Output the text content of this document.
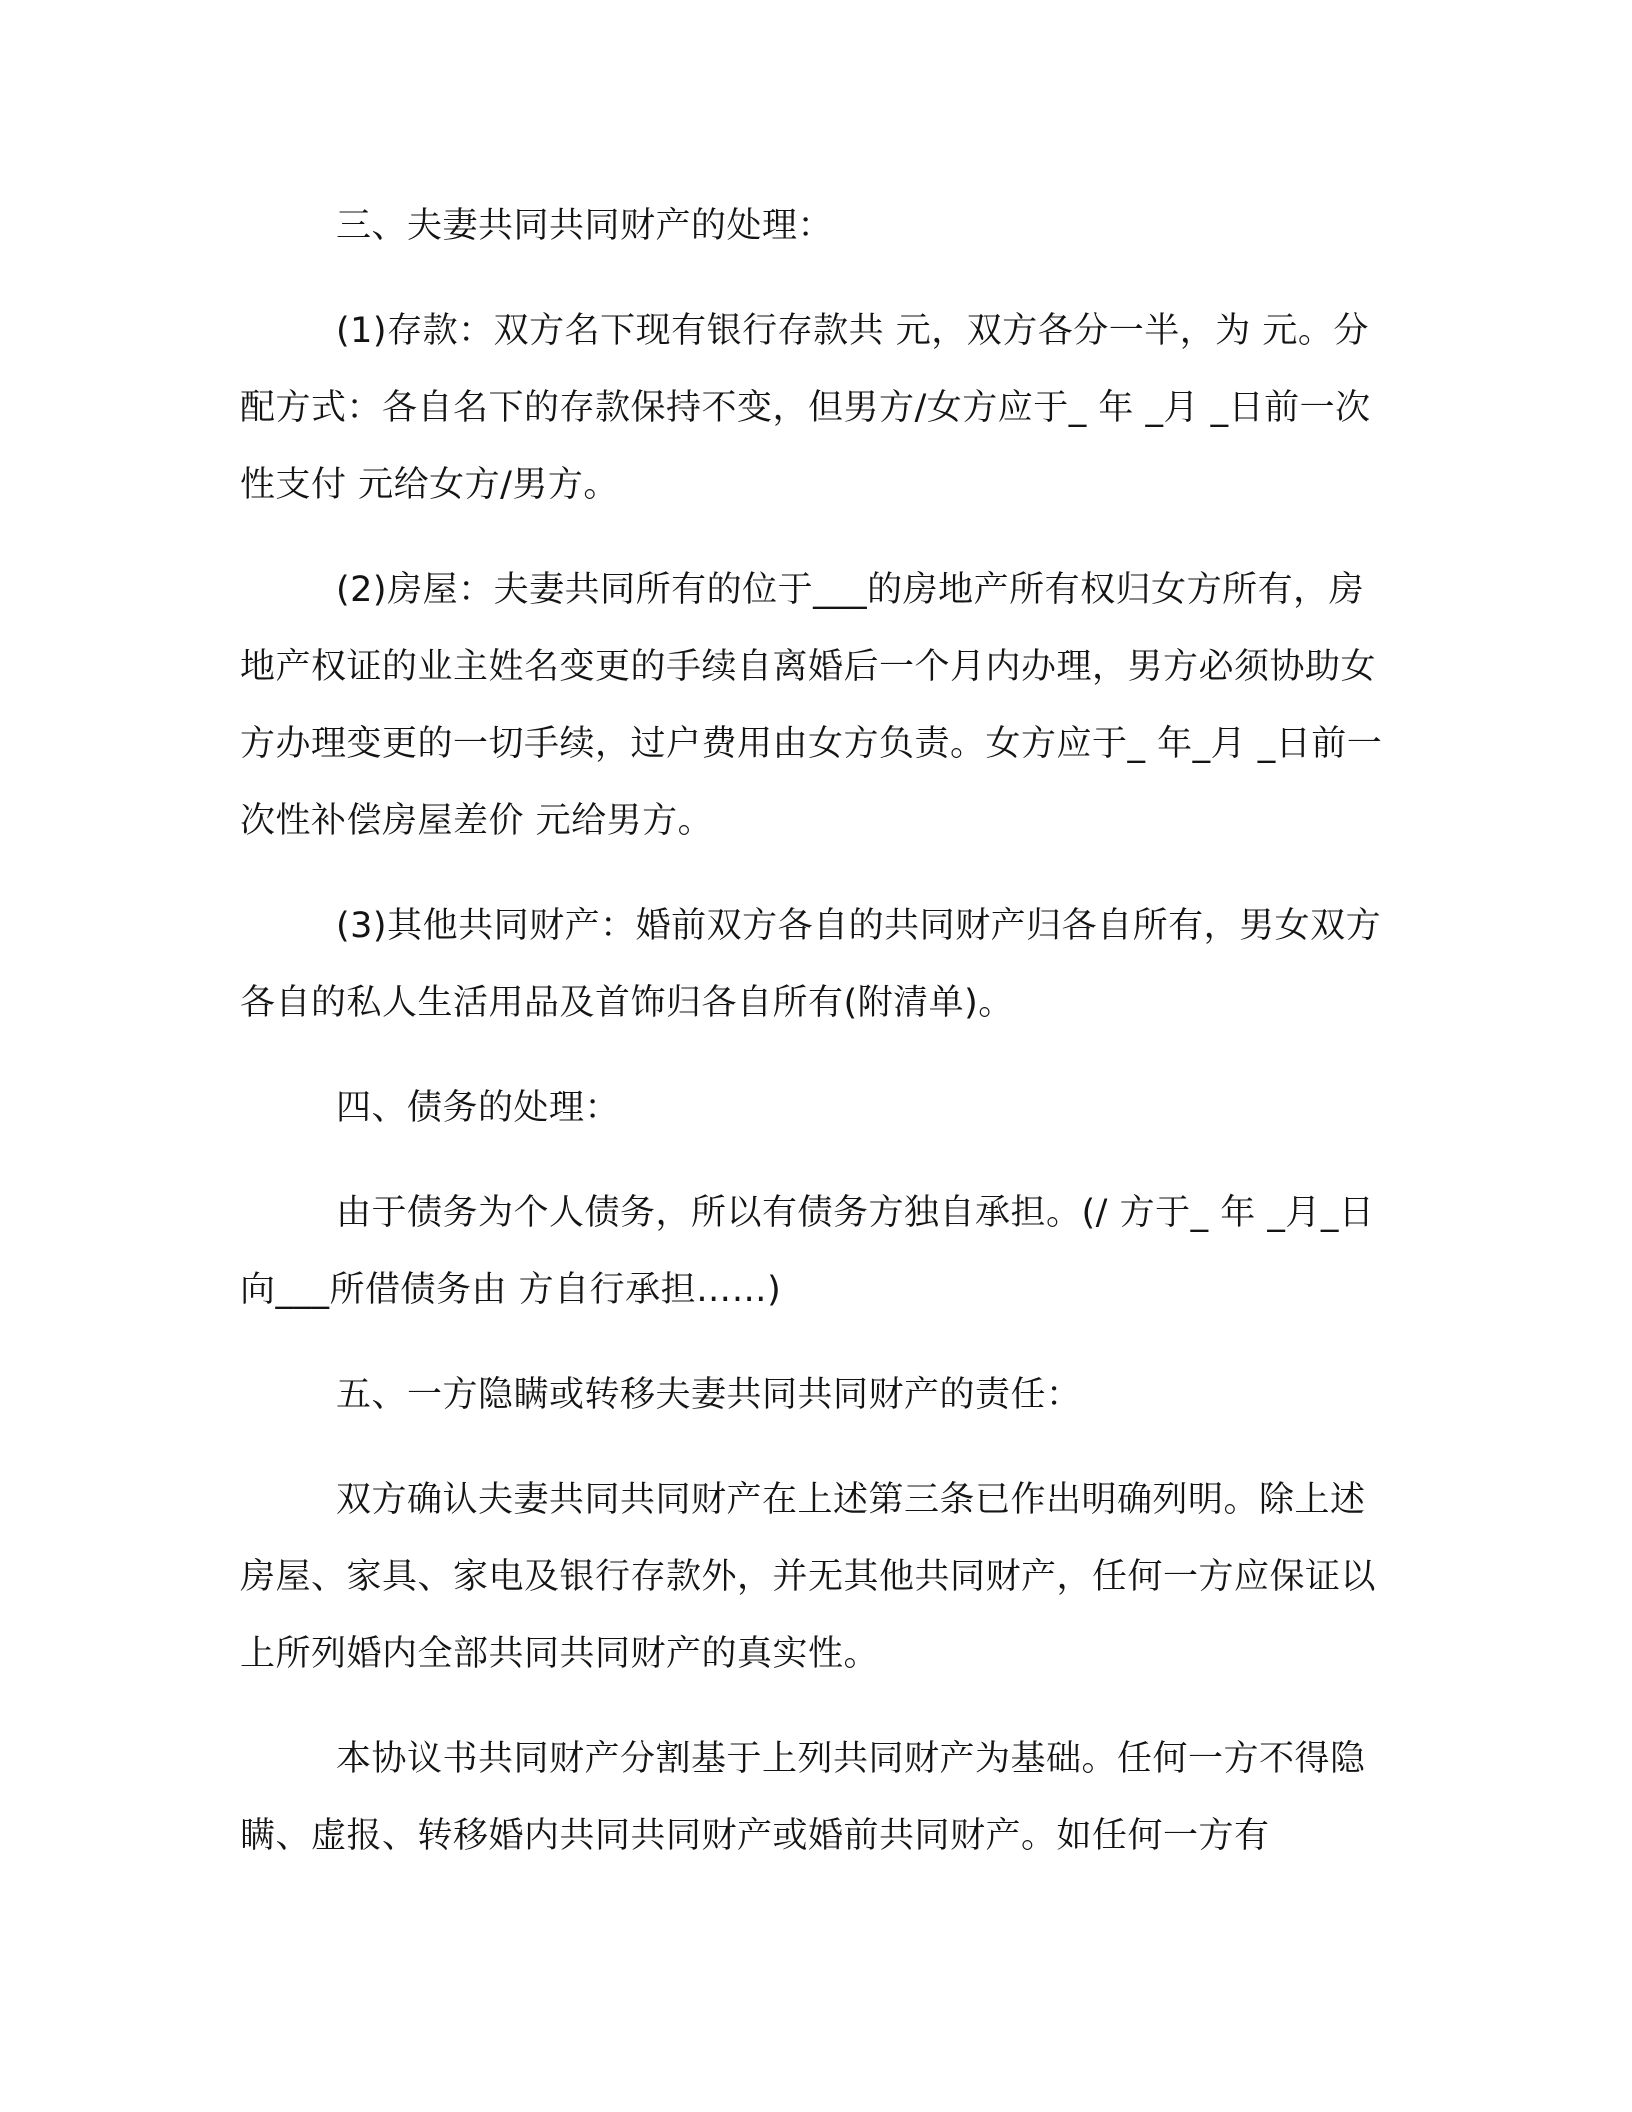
三、夫妻共同共同财产的处理：

(1)存款：双方名下现有银行存款共 元，双方各分一半，为 元。分配方式：各自名下的存款保持不变，但男方/女方应于_ 年 _月 _日前一次性支付 元给女方/男方。

(2)房屋：夫妻共同所有的位于___的房地产所有权归女方所有，房地产权证的业主姓名变更的手续自离婚后一个月内办理，男方必须协助女方办理变更的一切手续，过户费用由女方负责。女方应于_ 年_月 _日前一次性补偿房屋差价 元给男方。

(3)其他共同财产：婚前双方各自的共同财产归各自所有，男女双方各自的私人生活用品及首饰归各自所有(附清单)。

四、债务的处理：

由于债务为个人债务，所以有债务方独自承担。(/ 方于_ 年 _月_日向___所借债务由 方自行承担……)

五、一方隐瞒或转移夫妻共同共同财产的责任：

双方确认夫妻共同共同财产在上述第三条已作出明确列明。除上述房屋、家具、家电及银行存款外，并无其他共同财产，任何一方应保证以上所列婚内全部共同共同财产的真实性。

本协议书共同财产分割基于上列共同财产为基础。任何一方不得隐瞒、虚报、转移婚内共同共同财产或婚前共同财产。如任何一方有
